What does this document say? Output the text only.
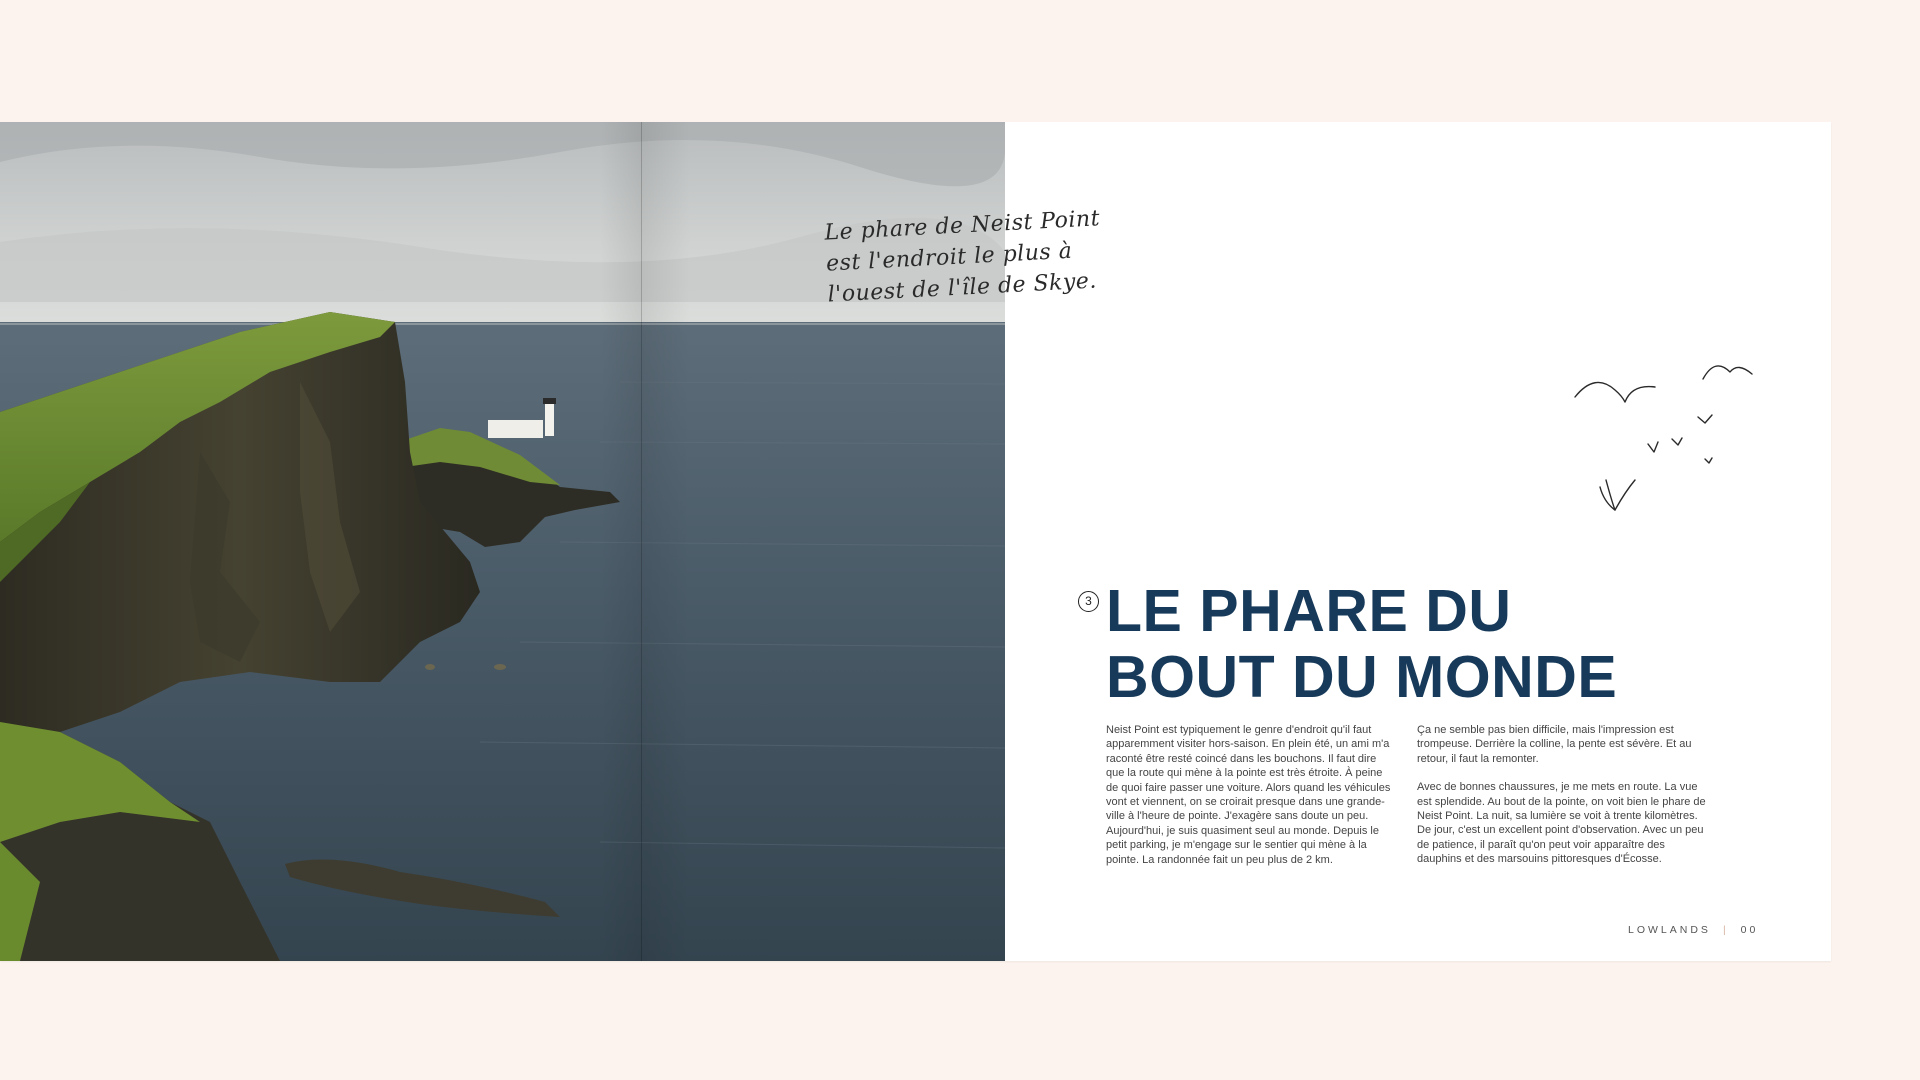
Le phare de Neist Point
est l'endroit le plus à
l'ouest de l'île de Skye.
3 LE PHARE DU
BOUT DU MONDE

Neist Point est typiquement le genre d'endroit qu'il faut apparemment visiter hors-saison. En plein été, un ami m'a raconté être resté coincé dans les bouchons. Il faut dire que la route qui mène à la pointe est très étroite. À peine de quoi faire passer une voiture. Alors quand les véhicules vont et viennent, on se croirait presque dans une grande-ville à l'heure de pointe. J'exagère sans doute un peu. Aujourd'hui, je suis quasiment seul au monde. Depuis le petit parking, je m'engage sur le sentier qui mène à la pointe. La randonnée fait un peu plus de 2 km.

Ça ne semble pas bien difficile, mais l'impression est trompeuse. Derrière la colline, la pente est sévère. Et au retour, il faut la remonter.

Avec de bonnes chaussures, je me mets en route. La vue est splendide. Au bout de la pointe, on voit bien le phare de Neist Point. La nuit, sa lumière se voit à trente kilomètres. De jour, c'est un excellent point d'observation. Avec un peu de patience, il paraît qu'on peut voir apparaître des dauphins et des marsouins pittoresques d'Écosse.

LOWLANDS | 00
